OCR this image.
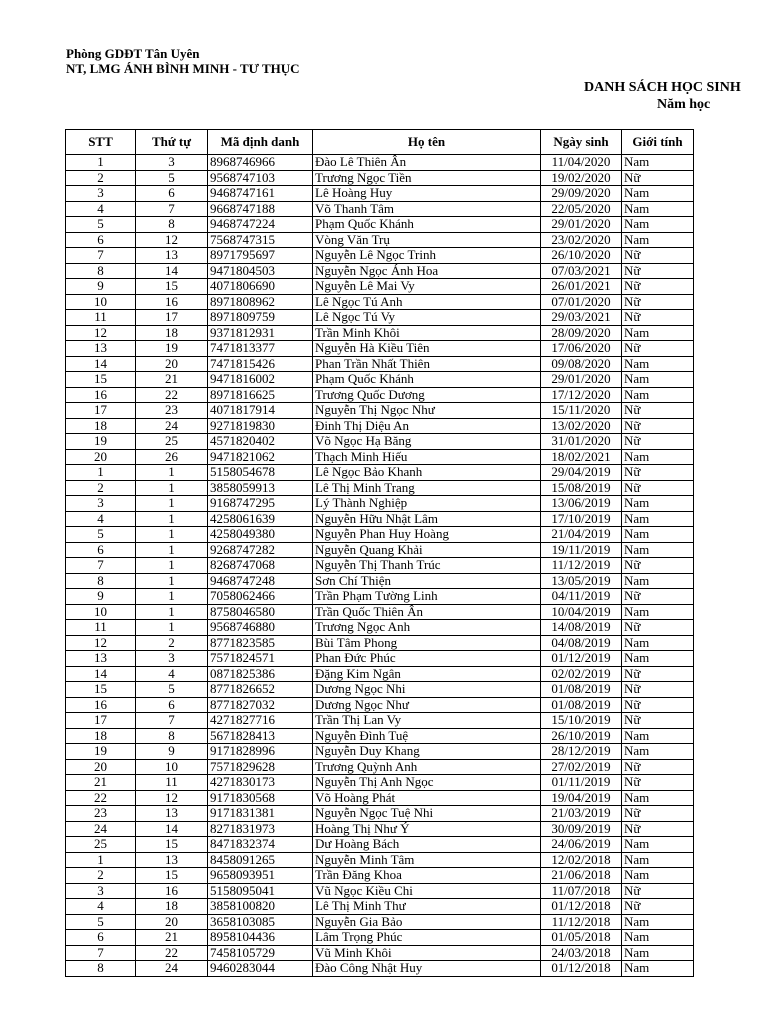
Phòng GDĐT Tân Uyên
NT, LMG ÁNH BÌNH MINH - TƯ THỤC
DANH SÁCH HỌC SINH
Năm học
STT	Thứ tự	Mã định danh	Họ tên	Ngày sinh	Giới tính
1	3	8968746966	Đào Lê Thiên Ân	11/04/2020	Nam
2	5	9568747103	Trương Ngọc Tiền	19/02/2020	Nữ
3	6	9468747161	Lê Hoàng Huy	29/09/2020	Nam
4	7	9668747188	Võ Thanh Tâm	22/05/2020	Nam
5	8	9468747224	Phạm Quốc Khánh	29/01/2020	Nam
6	12	7568747315	Vòng Văn Trụ	23/02/2020	Nam
7	13	8971795697	Nguyễn Lê Ngọc Trinh	26/10/2020	Nữ
8	14	9471804503	Nguyễn Ngọc Ánh Hoa	07/03/2021	Nữ
9	15	4071806690	Nguyễn Lê Mai Vy	26/01/2021	Nữ
10	16	8971808962	Lê Ngọc Tú Anh	07/01/2020	Nữ
11	17	8971809759	Lê Ngọc Tú Vy	29/03/2021	Nữ
12	18	9371812931	Trần Minh Khôi	28/09/2020	Nam
13	19	7471813377	Nguyễn Hà Kiều Tiên	17/06/2020	Nữ
14	20	7471815426	Phan Trần Nhất Thiên	09/08/2020	Nam
15	21	9471816002	Phạm Quốc Khánh	29/01/2020	Nam
16	22	8971816625	Trương Quốc Dương	17/12/2020	Nam
17	23	4071817914	Nguyễn Thị Ngọc Như	15/11/2020	Nữ
18	24	9271819830	Đinh Thị Diệu An	13/02/2020	Nữ
19	25	4571820402	Võ Ngọc Hạ Băng	31/01/2020	Nữ
20	26	9471821062	Thạch Minh Hiếu	18/02/2021	Nam
1	1	5158054678	Lê Ngọc Bảo Khanh	29/04/2019	Nữ
2	1	3858059913	Lê Thị Minh Trang	15/08/2019	Nữ
3	1	9168747295	Lý Thành Nghiệp	13/06/2019	Nam
4	1	4258061639	Nguyễn Hữu Nhật Lâm	17/10/2019	Nam
5	1	4258049380	Nguyễn Phan Huy Hoàng	21/04/2019	Nam
6	1	9268747282	Nguyễn Quang Khải	19/11/2019	Nam
7	1	8268747068	Nguyễn Thị Thanh Trúc	11/12/2019	Nữ
8	1	9468747248	Sơn Chí Thiện	13/05/2019	Nam
9	1	7058062466	Trần Phạm Tường Linh	04/11/2019	Nữ
10	1	8758046580	Trần Quốc Thiên Ân	10/04/2019	Nam
11	1	9568746880	Trương Ngọc Anh	14/08/2019	Nữ
12	2	8771823585	Bùi Tâm Phong	04/08/2019	Nam
13	3	7571824571	Phan Đức Phúc	01/12/2019	Nam
14	4	0871825386	Đặng Kim Ngân	02/02/2019	Nữ
15	5	8771826652	Dương Ngọc Nhi	01/08/2019	Nữ
16	6	8771827032	Dương Ngọc Như	01/08/2019	Nữ
17	7	4271827716	Trần Thị Lan Vy	15/10/2019	Nữ
18	8	5671828413	Nguyễn Đình Tuệ	26/10/2019	Nam
19	9	9171828996	Nguyễn Duy Khang	28/12/2019	Nam
20	10	7571829628	Trương Quỳnh Anh	27/02/2019	Nữ
21	11	4271830173	Nguyễn Thị Anh Ngọc	01/11/2019	Nữ
22	12	9171830568	Võ Hoàng Phát	19/04/2019	Nam
23	13	9171831381	Nguyễn Ngọc Tuệ Nhi	21/03/2019	Nữ
24	14	8271831973	Hoàng Thị Như Ý	30/09/2019	Nữ
25	15	8471832374	Dư Hoàng Bách	24/06/2019	Nam
1	13	8458091265	Nguyễn Minh Tâm	12/02/2018	Nam
2	15	9658093951	Trần Đăng Khoa	21/06/2018	Nam
3	16	5158095041	Vũ Ngọc Kiều Chi	11/07/2018	Nữ
4	18	3858100820	Lê Thị Minh Thư	01/12/2018	Nữ
5	20	3658103085	Nguyễn Gia Bảo	11/12/2018	Nam
6	21	8958104436	Lâm Trọng Phúc	01/05/2018	Nam
7	22	7458105729	Vũ Minh Khôi	24/03/2018	Nam
8	24	9460283044	Đào Công Nhật Huy	01/12/2018	Nam
